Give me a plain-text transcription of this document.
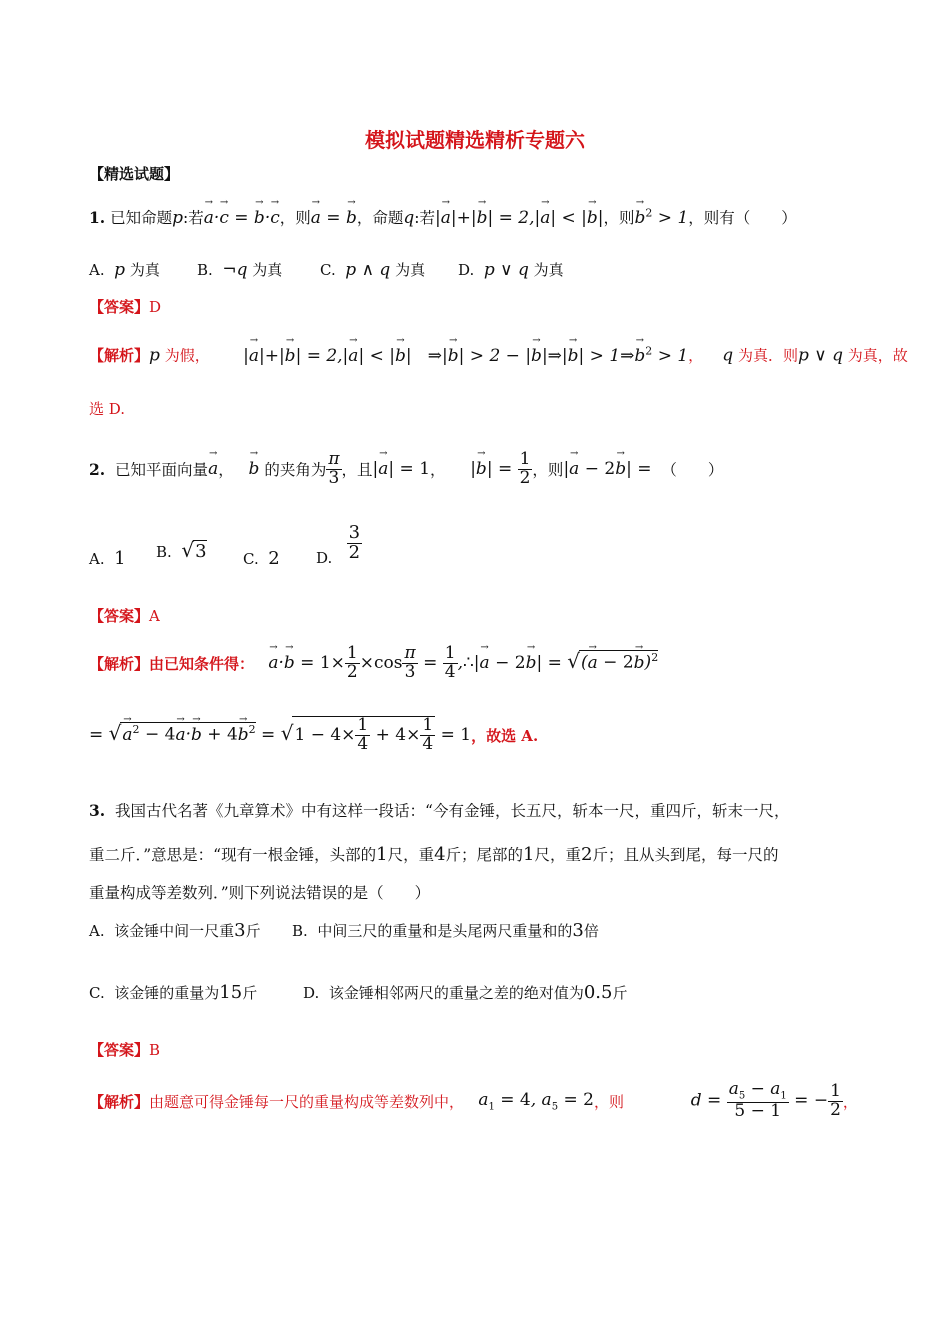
模拟试题精选精析专题六
【精选试题】
1. 已知命题p:若→ a·→ c = → b·→ c，则→ a = → b，命题q:若|→ a|+|→ b| = 2,|→ a| < |→ b|，则→ $b^2 > 1$，则有（　　）
A. p 为真 B. ¬q 为真	C. p ∧ q 为真 D. p ∨ q 为真
【答案】D
【解析】p 为假， |→ a|+|→ b| = 2,|→ a| < |→ b|   ⇒|→ b| > 2 − |→ b|⇒|→ b| > 1⇒→ $b^2 > 1$， q 为真．则p ∨ q 为真，故
选 D.
2.
已知平面向量 → a ，
→ b
的夹角为 $\frac{\pi}{3}$ ，且 |→ a| = 1 ，
|→ $b| = \frac{1}{2}$ ，则 |→ a − 2→ b| =
（　　）
A. 1 B. √3 C. 2 D.
$\frac{3}{2}$
【答案】A
【解析】 由已知条件得：
→ $a\cdot\to b = 1\times \frac{1}{2} \times\cos \frac{\pi}{3} = \frac{1}{4}$ ,∴|→ a − 2→ b| = √(→ a − 2→ b)$^2$
= √→ $a^2 - 4\to a\cdot\to b + 4\to b^2 = √1 - 4\times \frac{1}{4} + 4\times \frac{1}{4} = 1$ ，故选 A.
3. 我国古代名著《九章算术》中有这样一段话：“今有金锤，长五尺，斩本一尺，重四斤，斩末一尺，
重二斤．”意思是：“现有一根金锤，头部的1尺，重4斤；尾部的1尺，重2斤；且从头到尾，每一尺的
重量构成等差数列．”则下列说法错误的是（　　）
A. 该金锤中间一尺重3斤 B. 中间三尺的重量和是头尾两尺重量和的3倍
C. 该金锤的重量为15斤	D. 该金锤相邻两尺的重量之差的绝对值为0.5斤
【答案】B
【解析】 由题意可得金锤每一尺的重量构成等差数列中，
$a_1 = 4$, $a_5 = 2$ ，则
	$d = \frac{a_5 - a_1}{5 - 1}$ = − $\frac{1}{2}$ ，
